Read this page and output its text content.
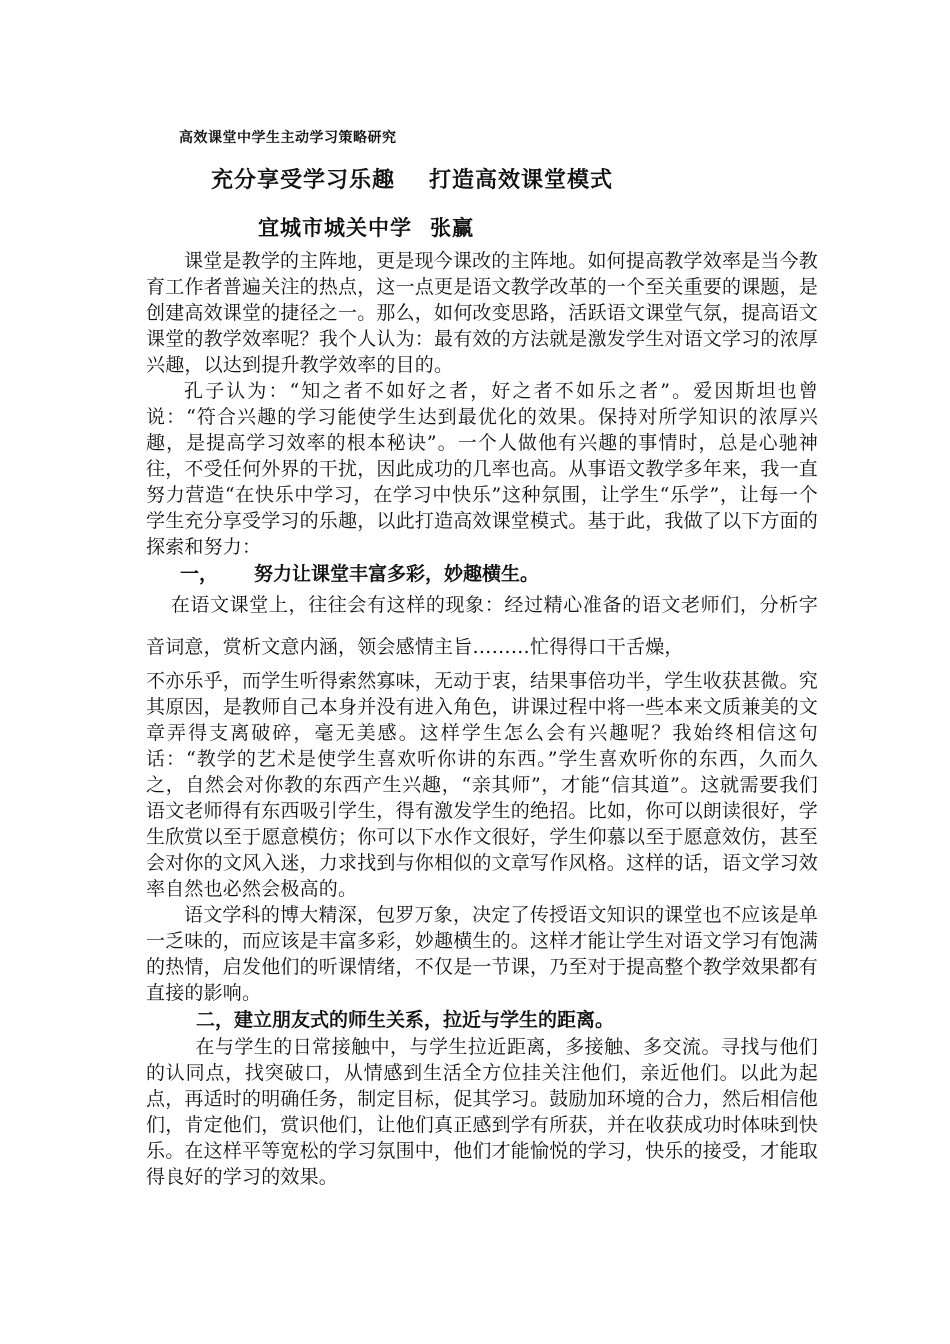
高效课堂中学生主动学习策略研究
充分享受学习乐趣 打造高效课堂模式
宜城市城关中学 张赢

课堂是教学的主阵地，更是现今课改的主阵地。如何提高教学效率是当今教育工作者普遍关注的热点，这一点更是语文教学改革的一个至关重要的课题，是创建高效课堂的捷径之一。那么，如何改变思路，活跃语文课堂气氛，提高语文课堂的教学效率呢？我个人认为：最有效的方法就是激发学生对语文学习的浓厚兴趣，以达到提升教学效率的目的。

孔子认为：“知之者不如好之者，好之者不如乐之者”。爱因斯坦也曾说：“符合兴趣的学习能使学生达到最优化的效果。保持对所学知识的浓厚兴趣，是提高学习效率的根本秘诀”。一个人做他有兴趣的事情时，总是心驰神往，不受任何外界的干扰，因此成功的几率也高。从事语文教学多年来，我一直努力营造“在快乐中学习，在学习中快乐”这种氛围，让学生“乐学”，让每一个学生充分享受学习的乐趣，以此打造高效课堂模式。基于此，我做了以下方面的探索和努力：

一， 努力让课堂丰富多彩，妙趣横生。

在语文课堂上，往往会有这样的现象：经过精心准备的语文老师们，分析字音词意，赏析文意内涵，领会感情主旨………忙得得口干舌燥，

不亦乐乎，而学生听得索然寡味，无动于衷，结果事倍功半，学生收获甚微。究其原因，是教师自己本身并没有进入角色，讲课过程中将一些本来文质兼美的文章弄得支离破碎，毫无美感。这样学生怎么会有兴趣呢？我始终相信这句话：“教学的艺术是使学生喜欢听你讲的东西。”学生喜欢听你的东西，久而久之，自然会对你教的东西产生兴趣，“亲其师”，才能“信其道”。这就需要我们语文老师得有东西吸引学生，得有激发学生的绝招。比如，你可以朗读很好，学生欣赏以至于愿意模仿；你可以下水作文很好，学生仰慕以至于愿意效仿，甚至会对你的文风入迷，力求找到与你相似的文章写作风格。这样的话，语文学习效率自然也必然会极高的。

语文学科的博大精深，包罗万象，决定了传授语文知识的课堂也不应该是单一乏味的，而应该是丰富多彩，妙趣横生的。这样才能让学生对语文学习有饱满的热情，启发他们的听课情绪，不仅是一节课，乃至对于提高整个教学效果都有直接的影响。

二，建立朋友式的师生关系，拉近与学生的距离。

在与学生的日常接触中，与学生拉近距离，多接触、多交流。寻找与他们的认同点，找突破口，从情感到生活全方位挂关注他们，亲近他们。以此为起点，再适时的明确任务，制定目标，促其学习。鼓励加环境的合力，然后相信他们，肯定他们，赏识他们，让他们真正感到学有所获，并在收获成功时体味到快乐。在这样平等宽松的学习氛围中，他们才能愉悦的学习，快乐的接受，才能取得良好的学习的效果。
